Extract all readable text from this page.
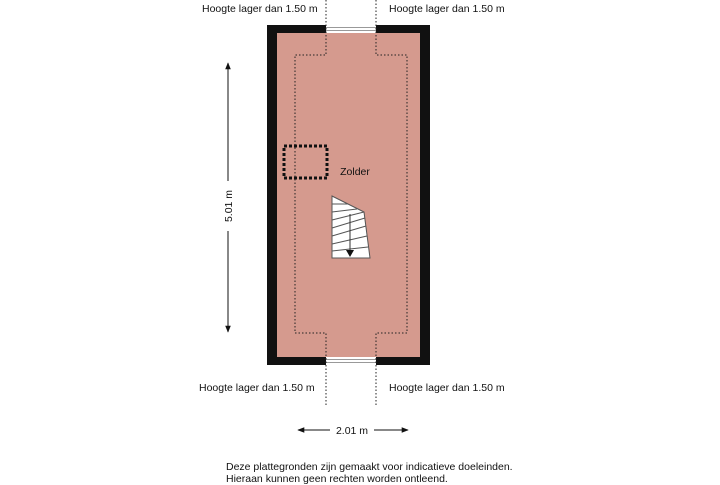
5.01 m
2.01 m
Zolder
Hoogte lager dan 1.50 m	Hoogte lager dan 1.50 m
Hoogte lager dan 1.50 m	Hoogte lager dan 1.50 m
Deze plattegronden zijn gemaakt voor indicatieve doeleinden.
Hieraan kunnen geen rechten worden ontleend.
